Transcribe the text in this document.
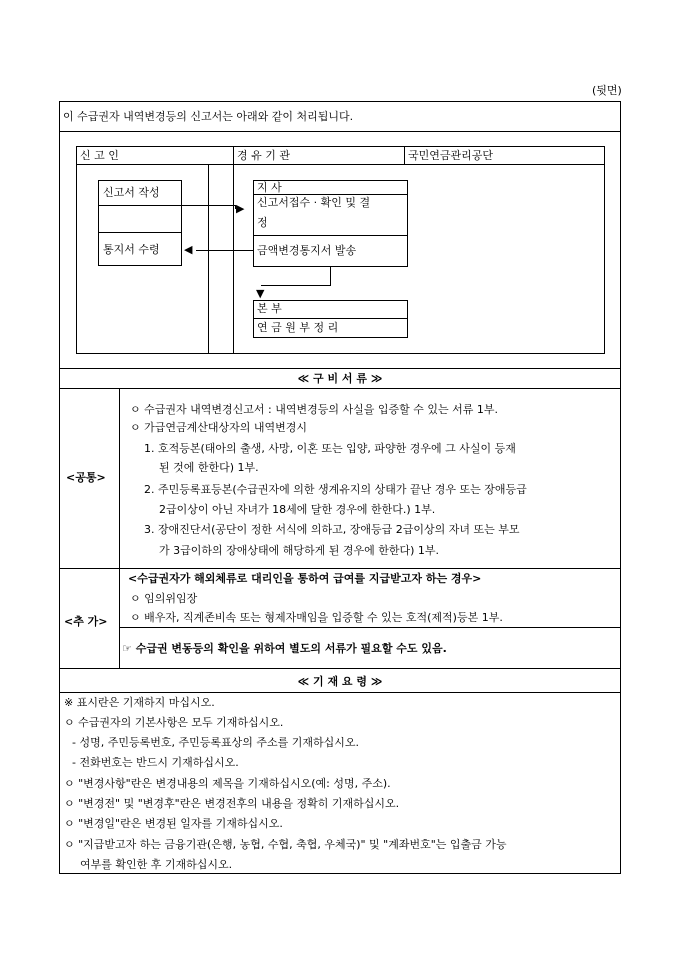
(뒷면)
이 수급권자 내역변경등의 신고서는 아래와 같이 처리됩니다.
신 고 인	경 유 기 관	국민연금관리공단
신고서 작성
통지서 수령
▶
◀
지 사
신고서접수 · 확인 및 결
정
금액변경통지서 발송
▼
본 부
연 금 원 부 정 리
≪ 구 비 서 류 ≫
<공통>
ㅇ 수급권자 내역변경신고서 : 내역변경등의 사실을 입증할 수 있는 서류 1부.
ㅇ 가급연금계산대상자의 내역변경시
1. 호적등본(태아의 출생, 사망, 이혼 또는 입양, 파양한 경우에 그 사실이 등재
된 것에 한한다) 1부.
2. 주민등록표등본(수급권자에 의한 생계유지의 상태가 끝난 경우 또는 장애등급
2급이상이 아닌 자녀가 18세에 달한 경우에 한한다.) 1부.
3. 장애진단서(공단이 정한 서식에 의하고, 장애등급 2급이상의 자녀 또는 부모
가 3급이하의 장애상태에 해당하게 된 경우에 한한다) 1부.
<추 가>
<수급권자가 해외체류로 대리인을 통하여 급여를 지급받고자 하는 경우>
ㅇ 임의위임장
ㅇ 배우자, 직계존비속 또는 형제자매임을 입증할 수 있는 호적(제적)등본 1부.
☞ 수급권 변동등의 확인을 위하여 별도의 서류가 필요할 수도 있음.
≪ 기 재 요 령 ≫
※ 표시란은 기재하지 마십시오.
ㅇ 수급권자의 기본사항은 모두 기재하십시오.
- 성명, 주민등록번호, 주민등록표상의 주소를 기재하십시오.
- 전화번호는 반드시 기재하십시오.
ㅇ "변경사항"란은 변경내용의 제목을 기재하십시오(예: 성명, 주소).
ㅇ "변경전" 및 "변경후"란은 변경전후의 내용을 정확히 기재하십시오.
ㅇ "변경일"란은 변경된 일자를 기재하십시오.
ㅇ "지급받고자 하는 금융기관(은행, 농협, 수협, 축협, 우체국)" 및 "계좌번호"는 입출금 가능
여부를 확인한 후 기재하십시오.
